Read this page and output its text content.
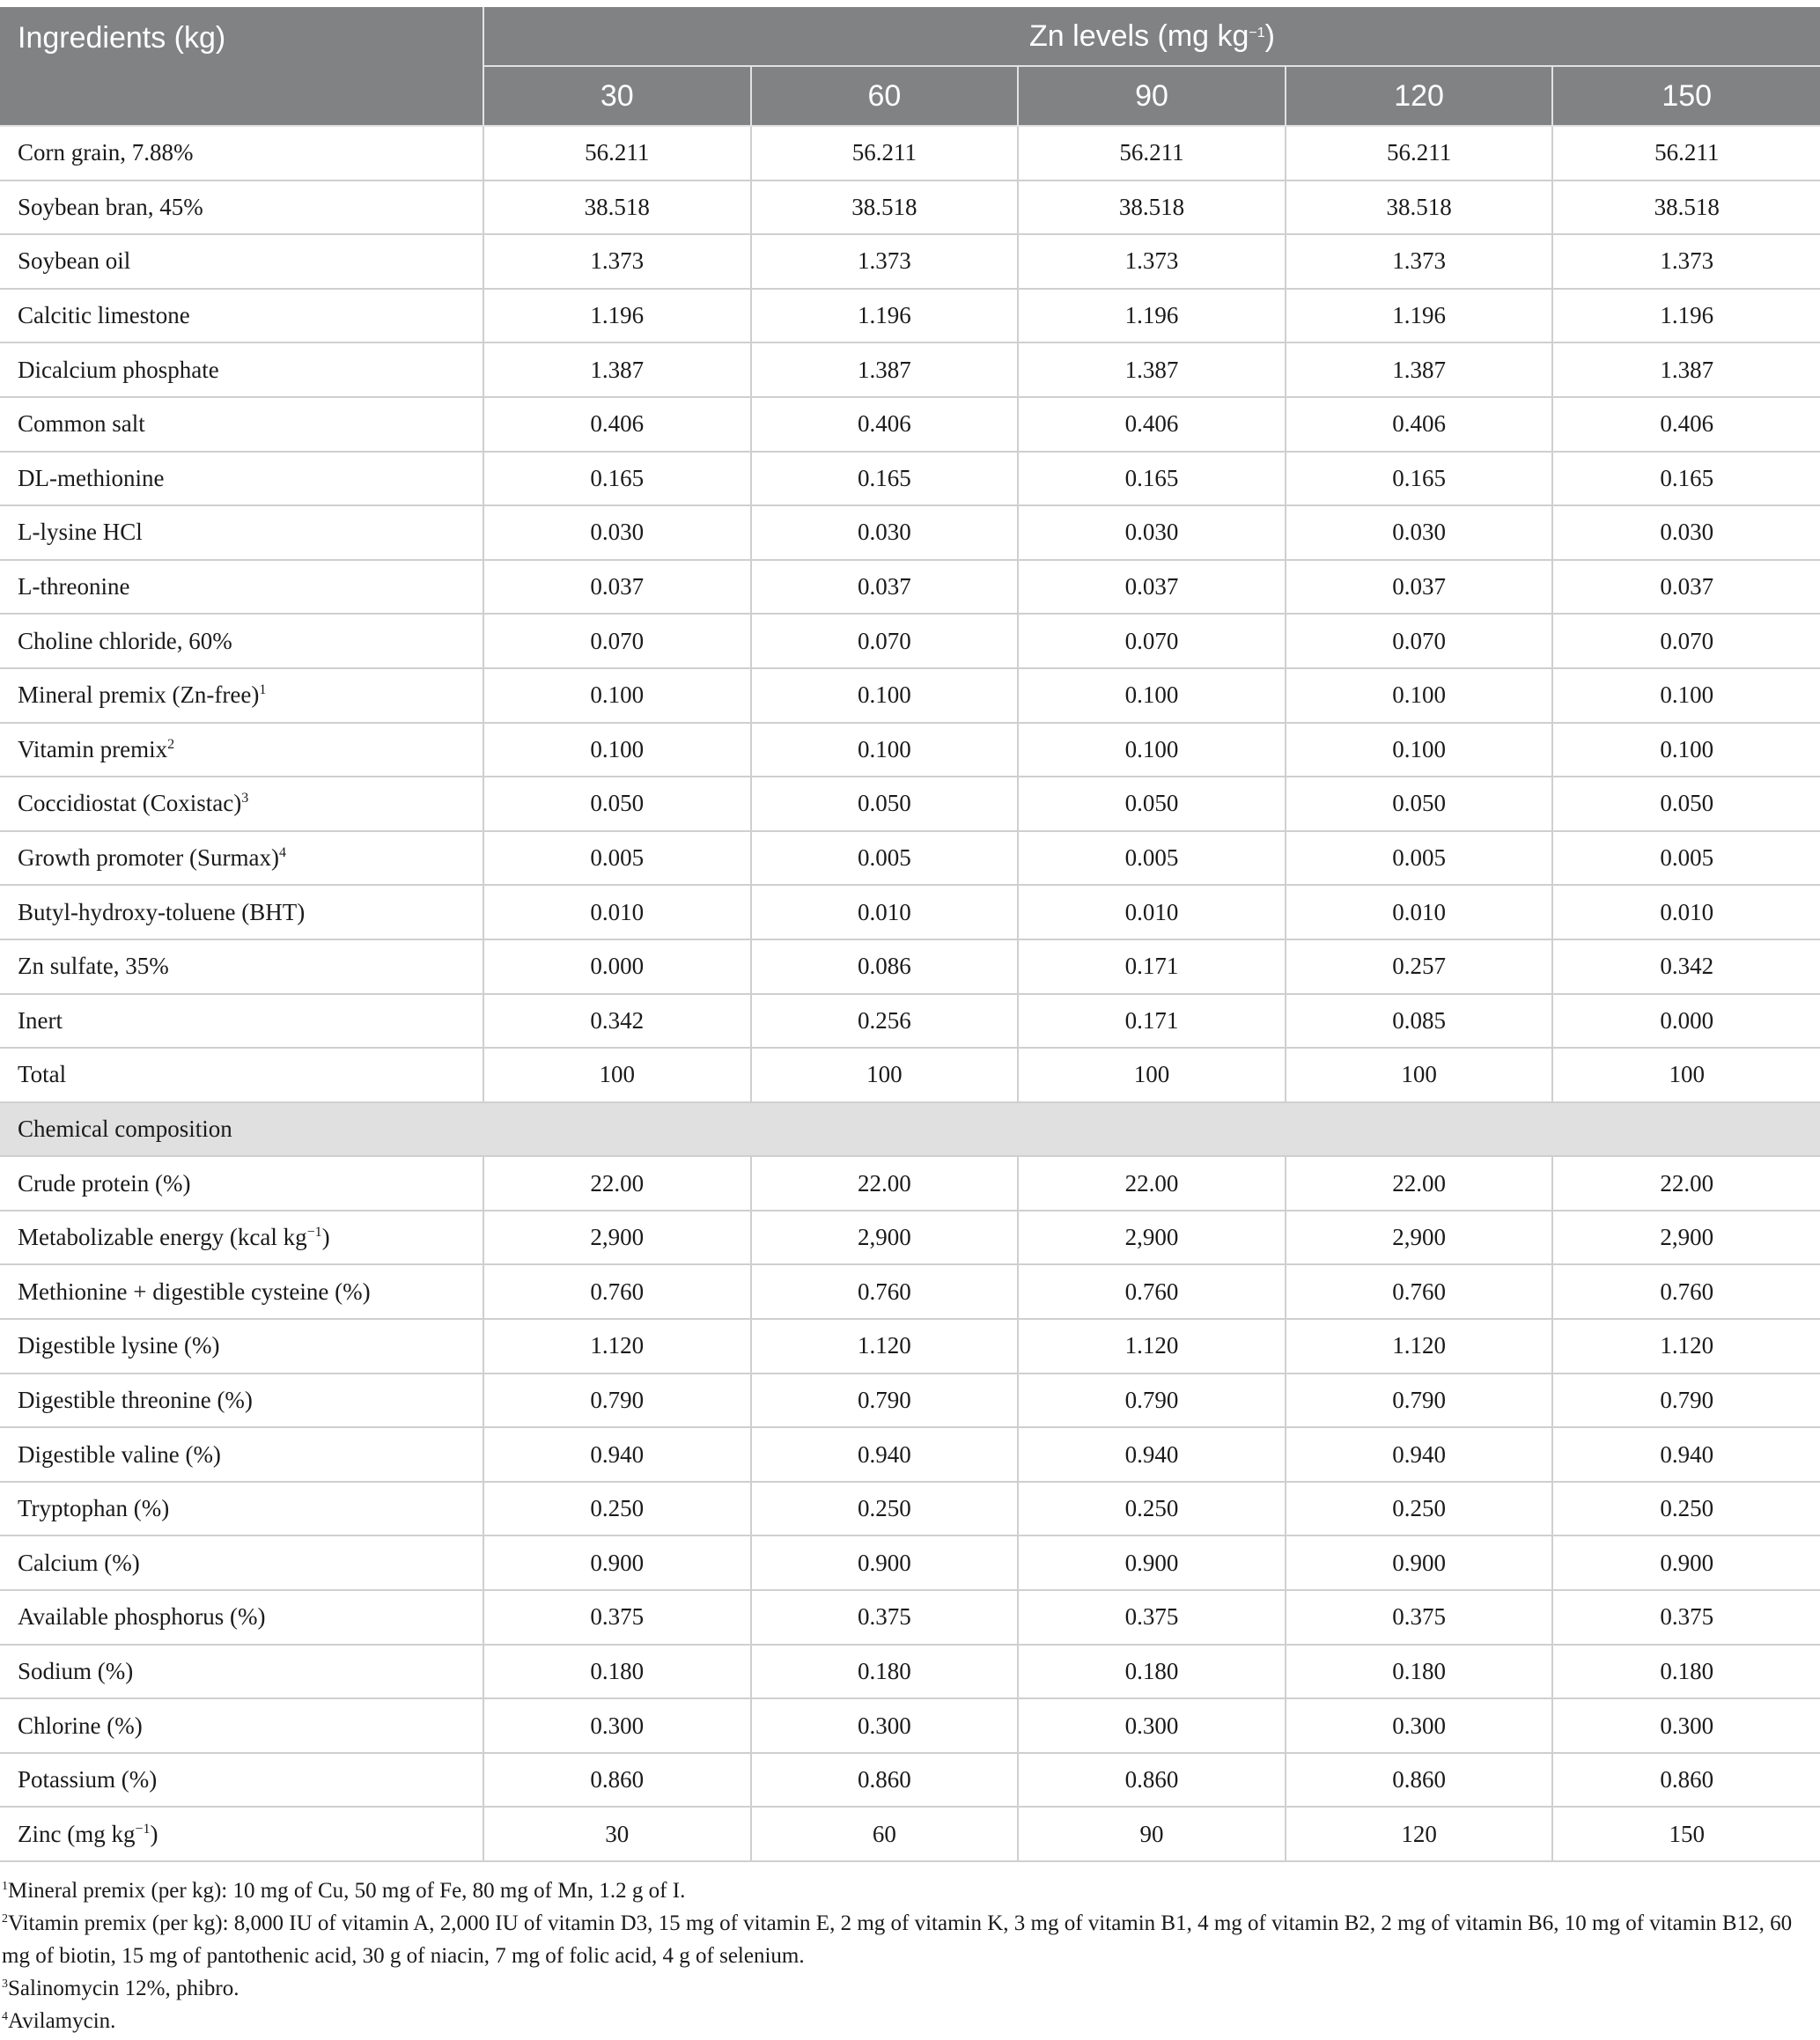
Ingredients (kg)	Zn levels (mg $kg^{-1}$)				
	30	60	90	120	150
Corn grain, 7.88%	56.211	56.211	56.211	56.211	56.211
Soybean bran, 45%	38.518	38.518	38.518	38.518	38.518
Soybean oil	1.373	1.373	1.373	1.373	1.373
Calcitic limestone	1.196	1.196	1.196	1.196	1.196
Dicalcium phosphate	1.387	1.387	1.387	1.387	1.387
Common salt	0.406	0.406	0.406	0.406	0.406
DL-methionine	0.165	0.165	0.165	0.165	0.165
L-lysine HCl	0.030	0.030	0.030	0.030	0.030
L-threonine	0.037	0.037	0.037	0.037	0.037
Choline chloride, 60%	0.070	0.070	0.070	0.070	0.070
Mineral premix (Zn-free)$^1$	0.100	0.100	0.100	0.100	0.100
Vitamin premix$^2$	0.100	0.100	0.100	0.100	0.100
Coccidiostat (Coxistac)$^3$	0.050	0.050	0.050	0.050	0.050
Growth promoter $(Surmax)^4$	0.005	0.005	0.005	0.005	0.005
Butyl-hydroxy-toluene (BHT)	0.010	0.010	0.010	0.010	0.010
Zn sulfate, 35%	0.000	0.086	0.171	0.257	0.342
Inert	0.342	0.256	0.171	0.085	0.000
Total	100	100	100	100	100
Chemical composition					
Crude protein (%)	22.00	22.00	22.00	22.00	22.00
Metabolizable energy (kcal $kg^{-1}$)	2,900	2,900	2,900	2,900	2,900
Methionine + digestible cysteine (%)	0.760	0.760	0.760	0.760	0.760
Digestible lysine (%)	1.120	1.120	1.120	1.120	1.120
Digestible threonine (%)	0.790	0.790	0.790	0.790	0.790
Digestible valine (%)	0.940	0.940	0.940	0.940	0.940
Tryptophan (%)	0.250	0.250	0.250	0.250	0.250
Calcium (%)	0.900	0.900	0.900	0.900	0.900
Available phosphorus (%)	0.375	0.375	0.375	0.375	0.375
Sodium (%)	0.180	0.180	0.180	0.180	0.180
Chlorine (%)	0.300	0.300	0.300	0.300	0.300
Potassium (%)	0.860	0.860	0.860	0.860	0.860
Zinc (mg $kg^{-1}$)	30	60	90	120	150

$^1$Mineral premix (per kg): 10 mg of Cu, 50 mg of Fe, 80 mg of Mn, 1.2 g of I.

$^2$Vitamin premix (per kg): 8,000 IU of vitamin A, 2,000 IU of vitamin D3, 15 mg of vitamin E, 2 mg of vitamin K, 3 mg of vitamin B1, 4 mg of vitamin B2, 2 mg of vitamin B6, 10 mg of vitamin B12, 60 mg of biotin, 15 mg of pantothenic acid, 30 g of niacin, 7 mg of folic acid, 4 g of selenium.

$^3$Salinomycin 12%, phibro.

$^4$Avilamycin.
